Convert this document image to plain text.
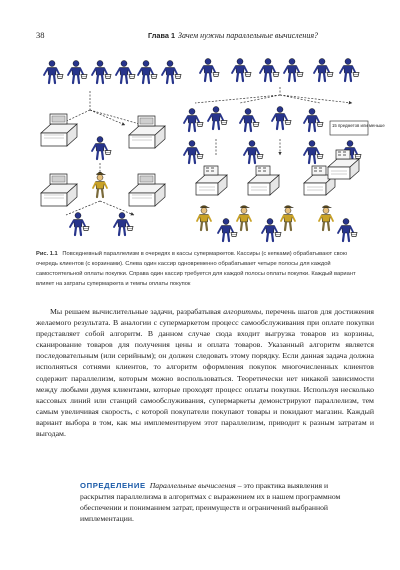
38	Глава 1 Зачем нужны параллельные вычисления?
15 предметов или меньше
Рис. 1.1 Повседневный параллелизм в очередях в кассы супермаркетов. Кассиры (с кепками) обрабатывают свою очередь клиентов (с корзинами). Слева один кассир одновременно обрабатывает четыре полосы для каждой самостоятельной оплаты покупки. Справа один кассир требуется для каждой полосы оплаты покупки. Каждый вариант влияет на затраты супермаркета и темпы оплаты покупок

Мы решаем вычислительные задачи, разрабатывая алгоритмы, перечень шагов для достижения желаемого результата. В аналогии с супермаркетом процесс самообслуживания при оплате покупки представляет собой алгоритм. В данном случае сюда входит выгрузка товаров из корзины, сканирование товаров для получения цены и оплата товаров. Указанный алгоритм является последовательным (или серийным); он должен следовать этому порядку. Если данная задача должна исполняться сотнями клиентов, то алгоритм оформления покупок многочисленных клиентов содержит параллелизм, которым можно воспользоваться. Теоретически нет никакой зависимости между любыми двумя клиентами, которые проходят процесс оплаты покупки. Используя несколько кассовых линий или станций самообслуживания, супермаркеты демонстрируют параллелизм, тем самым увеличивая скорость, с которой покупатели покупают товары и покидают магазин. Каждый вариант выбора в том, как мы имплементируем этот параллелизм, приводит к разным затратам и выгодам.

ОПРЕДЕЛЕНИЕ Параллельные вычисления – это практика выявления и раскрытия параллелизма в алгоритмах с выражением их в нашем программном обеспечении и пониманием затрат, преимуществ и ограничений выбранной имплементации.
